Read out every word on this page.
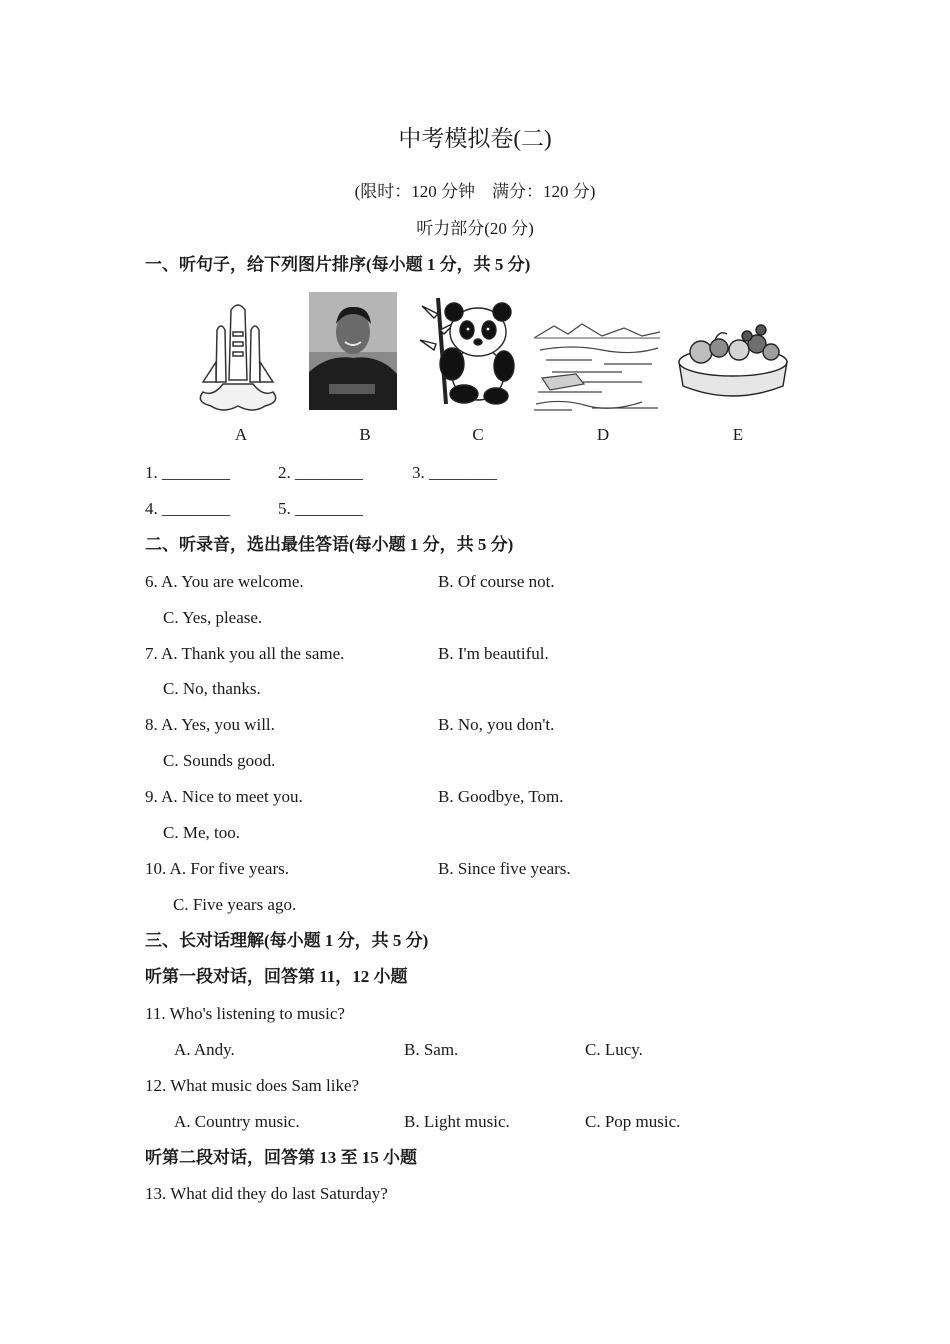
中考模拟卷(二)
(限时：120 分钟　满分：120 分)
听力部分(20 分)
一、听句子，给下列图片排序(每小题 1 分，共 5 分)
A	B	C	D	E
1. ________	2. ________	3. ________
4. ________	5. ________
二、听录音，选出最佳答语(每小题 1 分，共 5 分)
6. A. You are welcome.	B. Of course not.
C. Yes, please.
7. A. Thank you all the same.	B. I'm beautiful.
C. No, thanks.
8. A. Yes, you will.	B. No, you don't.
C. Sounds good.
9. A. Nice to meet you.	B. Goodbye, Tom.
C. Me, too.
10. A. For five years.	B. Since five years.
C. Five years ago.
三、长对话理解(每小题 1 分，共 5 分)
听第一段对话，回答第 11，12 小题
11. Who's listening to music?
A. Andy.	B. Sam.	C. Lucy.
12. What music does Sam like?
A. Country music.	B. Light music.	C. Pop music.
听第二段对话，回答第 13 至 15 小题
13. What did they do last Saturday?
